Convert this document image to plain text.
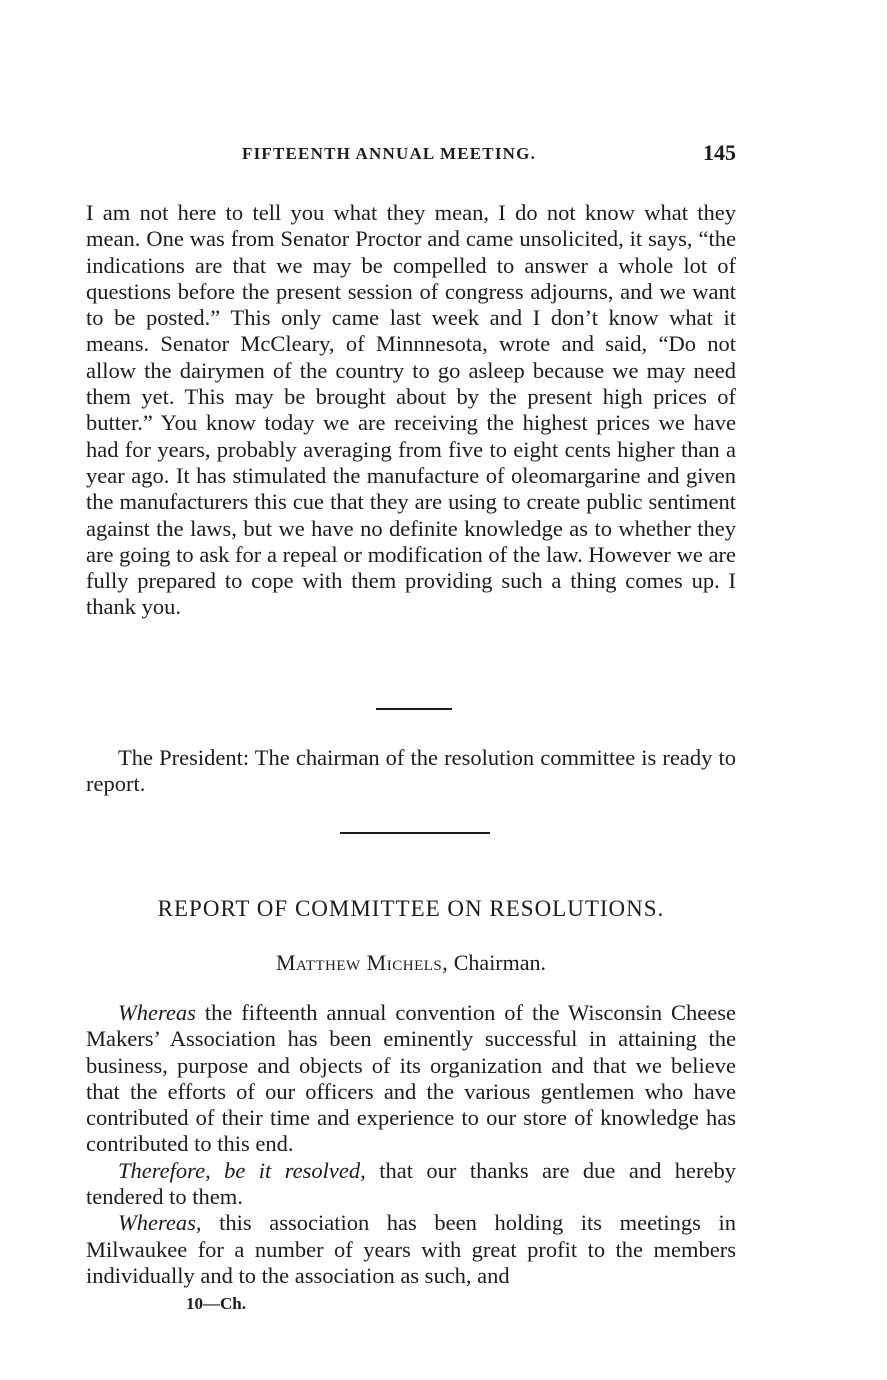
FIFTEENTH ANNUAL MEETING.	145

I am not here to tell you what they mean, I do not know what they mean. One was from Senator Proctor and came unsolicited, it says, “the indications are that we may be compelled to answer a whole lot of questions before the present session of congress adjourns, and we want to be posted.” This only came last week and I don’t know what it means. Senator McCleary, of Minnnesota, wrote and said, “Do not allow the dairymen of the country to go asleep because we may need them yet. This may be brought about by the present high prices of butter.” You know today we are receiving the highest prices we have had for years, probably averaging from five to eight cents higher than a year ago. It has stimulated the manufacture of oleomargarine and given the manufacturers this cue that they are using to create public sentiment against the laws, but we have no definite knowledge as to whether they are going to ask for a repeal or modification of the law. However we are fully prepared to cope with them providing such a thing comes up. I thank you.

The President: The chairman of the resolution committee is ready to report.

REPORT OF COMMITTEE ON RESOLUTIONS.
Matthew Michels, Chairman.

Whereas the fifteenth annual convention of the Wisconsin Cheese Makers’ Association has been eminently successful in attaining the business, purpose and objects of its organization and that we believe that the efforts of our officers and the various gentlemen who have contributed of their time and experience to our store of knowledge has contributed to this end.

Therefore, be it resolved, that our thanks are due and hereby tendered to them.

Whereas, this association has been holding its meetings in Milwaukee for a number of years with great profit to the members individually and to the association as such, and

10—Ch.
